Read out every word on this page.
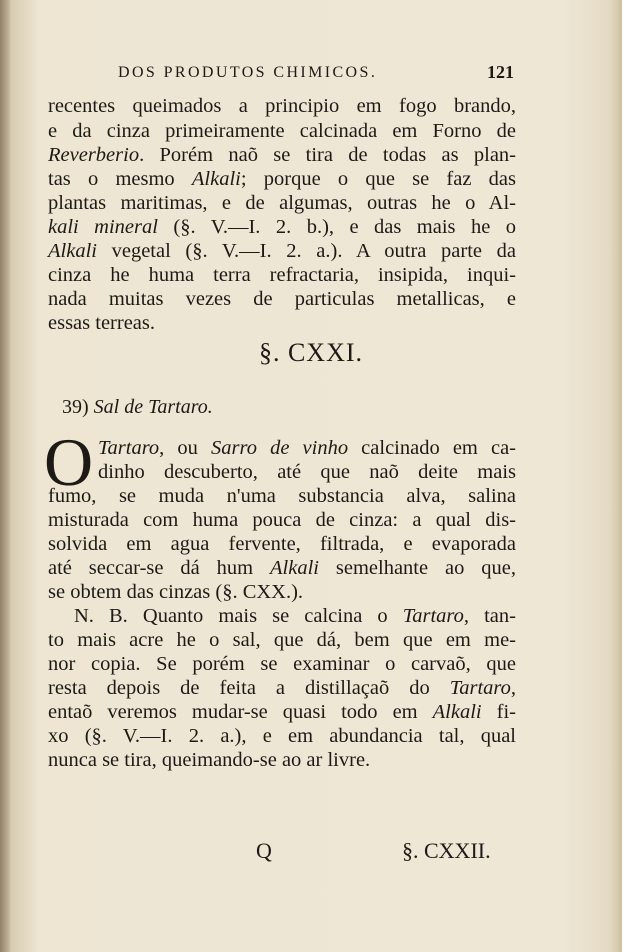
DOS PRODUTOS CHIMICOS.	121
recentes queimados a principio em fogo brando,
e da cinza primeiramente calcinada em Forno de
Reverberio. Porém naõ se tira de todas as plan-
tas o mesmo Alkali; porque o que se faz das
plantas maritimas, e de algumas, outras he o Al-
kali mineral (§. V.—I. 2. b.), e das mais he o
Alkali vegetal (§. V.—I. 2. a.). A outra parte da
cinza he huma terra refractaria, insipida, inqui-
nada muitas vezes de particulas metallicas, e
essas terreas.
§. CXXI.
39) Sal de Tartaro.
O Tartaro, ou Sarro de vinho calcinado em ca-
dinho descuberto, até que naõ deite mais
fumo, se muda n'uma substancia alva, salina
misturada com huma pouca de cinza: a qual dis-
solvida em agua fervente, filtrada, e evaporada
até seccar-se dá hum Alkali semelhante ao que,
se obtem das cinzas (§. CXX.).
N. B. Quanto mais se calcina o Tartaro, tan-
to mais acre he o sal, que dá, bem que em me-
nor copia. Se porém se examinar o carvaõ, que
resta depois de feita a distillaçaõ do Tartaro,
entaõ veremos mudar-se quasi todo em Alkali fi-
xo (§. V.—I. 2. a.), e em abundancia tal, qual
nunca se tira, queimando-se ao ar livre.
Q	§. CXXII.
